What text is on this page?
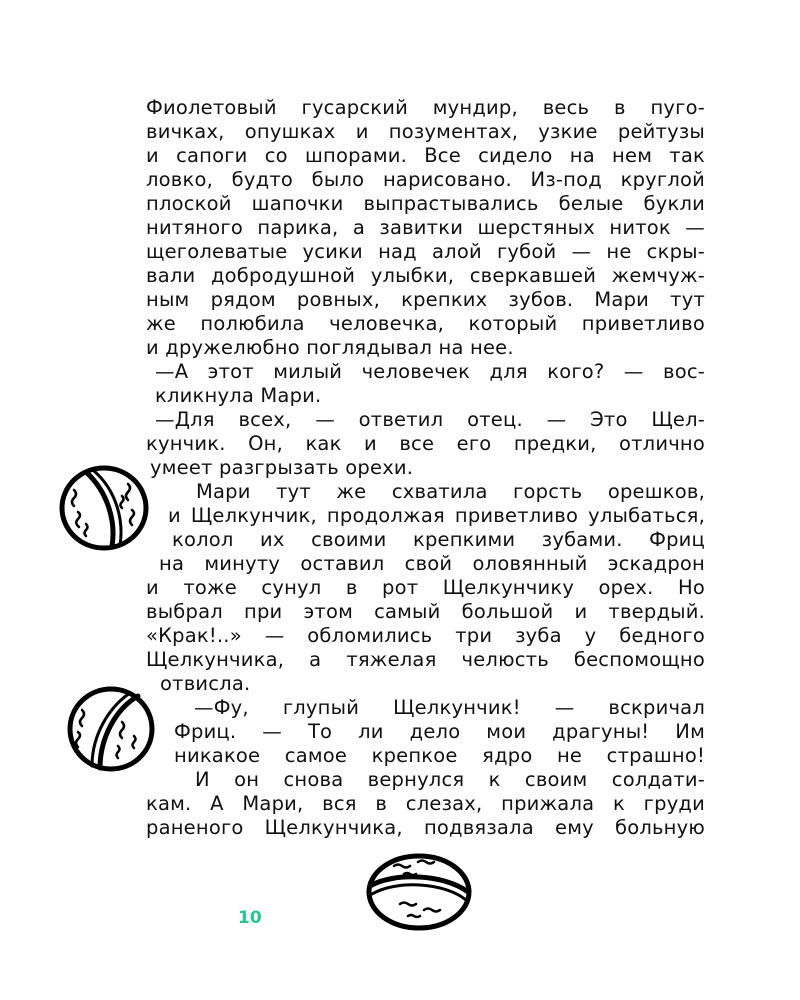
Фиолетовый гусарский мундир, весь в пуго-
вичках, опушках и позументах, узкие рейтузы
и сапоги со шпорами. Все сидело на нем так
ловко, будто было нарисовано. Из-под круглой
плоской шапочки выпрастывались белые букли
нитяного парика, а завитки шерстяных ниток —
щеголеватые усики над алой губой — не скры-
вали добродушной улыбки, сверкавшей жемчуж-
ным рядом ровных, крепких зубов. Мари тут
же полюбила человечка, который приветливо
и дружелюбно поглядывал на нее.
—А этот милый человечек для кого? — вос-
кликнула Мари.
—Для всех, — ответил отец. — Это Щел-
кунчик. Он, как и все его предки, отлично
умеет разгрызать орехи.
Мари тут же схватила горсть орешков,
и Щелкунчик, продолжая приветливо улыбаться,
колол их своими крепкими зубами. Фриц
на минуту оставил свой оловянный эскадрон
и тоже сунул в рот Щелкунчику орех. Но
выбрал при этом самый большой и твердый.
«Крак!..» — обломились три зуба у бедного
Щелкунчика, а тяжелая челюсть беспомощно
отвисла.
—Фу, глупый Щелкунчик! — вскричал
Фриц. — То ли дело мои драгуны! Им
никакое самое крепкое ядро не страшно!
И он снова вернулся к своим солдати-
кам. А Мари, вся в слезах, прижала к груди
раненого Щелкунчика, подвязала ему больную
10
